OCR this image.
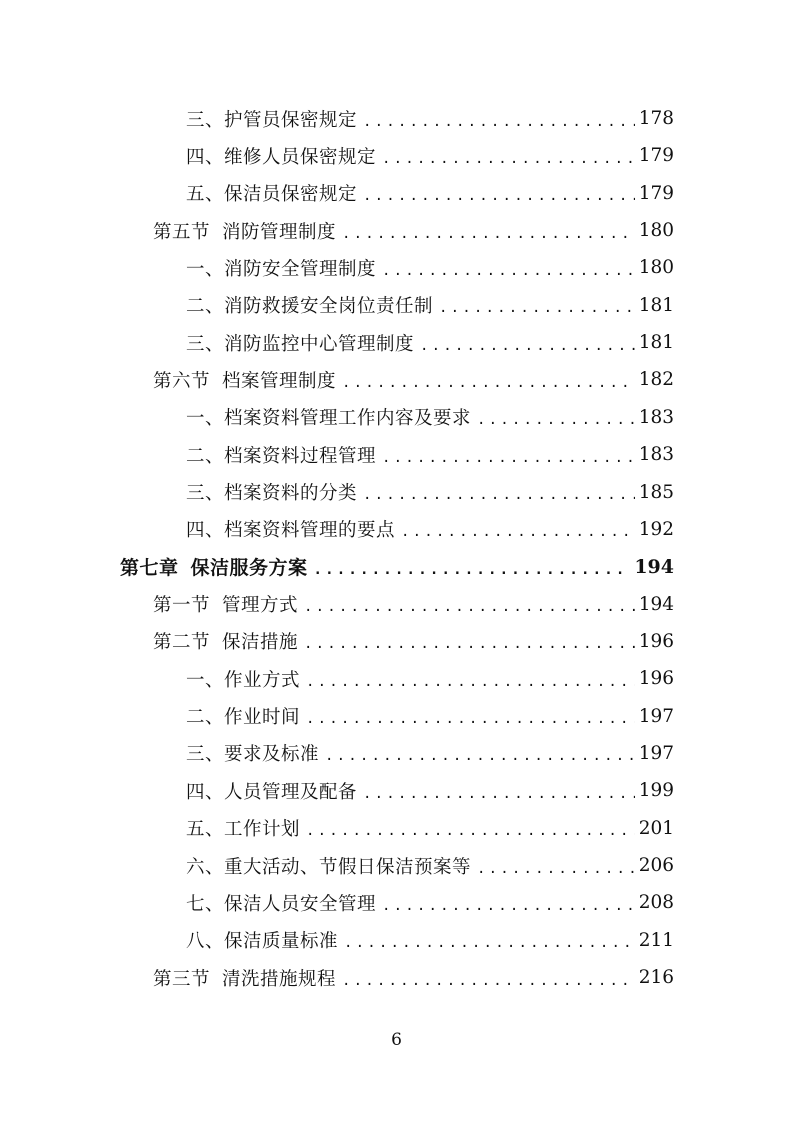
三、护管员保密规定 .....	178
四、维修人员保密规定 .....	179
五、保洁员保密规定 .....	179
第五节 消防管理制度 .....	180
一、消防安全管理制度 .....	180
二、消防救援安全岗位责任制 .....	181
三、消防监控中心管理制度 .....	181
第六节 档案管理制度 .....	182
一、档案资料管理工作内容及要求 .....	183
二、档案资料过程管理 .....	183
三、档案资料的分类 .....	185
四、档案资料管理的要点 .....	192
第七章 保洁服务方案 .....	194
第一节 管理方式 .....	194
第二节 保洁措施 .....	196
一、作业方式 .....	196
二、作业时间 .....	197
三、要求及标准 .....	197
四、人员管理及配备 .....	199
五、工作计划 .....	201
六、重大活动、节假日保洁预案等 .....	206
七、保洁人员安全管理 .....	208
八、保洁质量标准 .....	211
第三节 清洗措施规程 .....	216
6
